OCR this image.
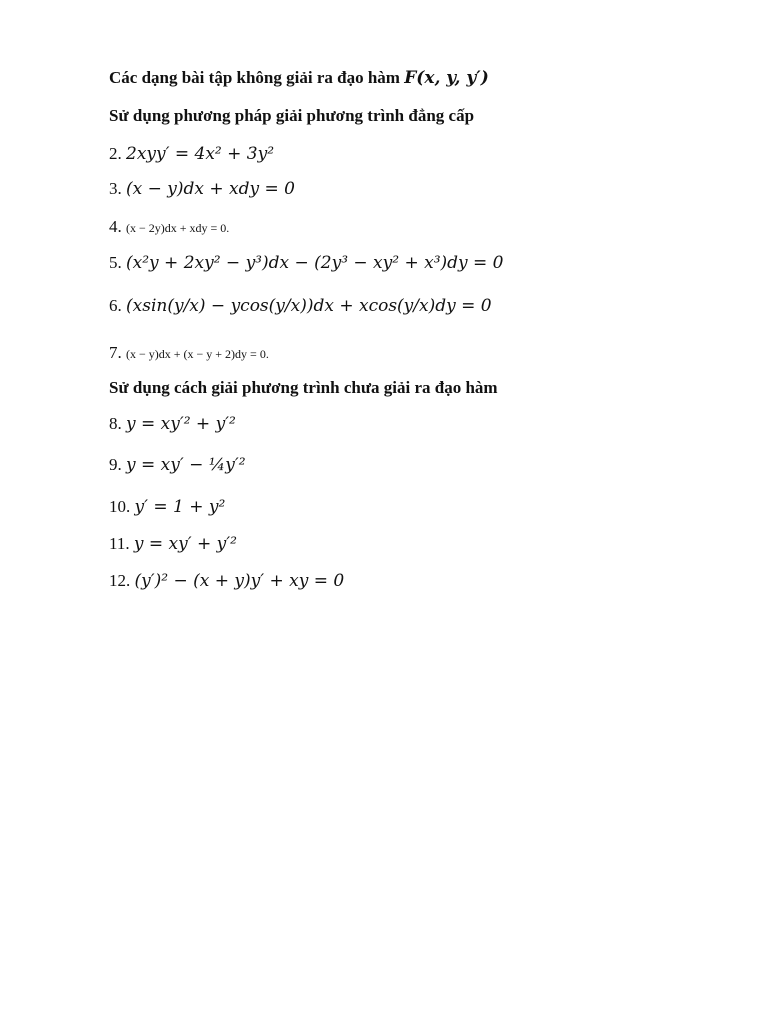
Các dạng bài tập không giải ra đạo hàm F(x, y, y′)
Sử dụng phương pháp giải phương trình đẳng cấp
2. 2xyy′ = 4x² + 3y²
3. (x − y)dx + xdy = 0
4. (x − 2y)dx + xdy = 0.
5. (x²y + 2xy² − y³)dx − (2y³ − xy² + x³)dy = 0
6. (xsin(y/x) − ycos(y/x))dx + xcos(y/x)dy = 0
7. (x − y)dx + (x − y + 2)dy = 0.
Sử dụng cách giải phương trình chưa giải ra đạo hàm
8. y = xy′² + y′²
9. y = xy′ − ¼y′²
10. y′ = 1 + y²
11. y = xy′ + y′²
12. (y′)² − (x + y)y′ + xy = 0
